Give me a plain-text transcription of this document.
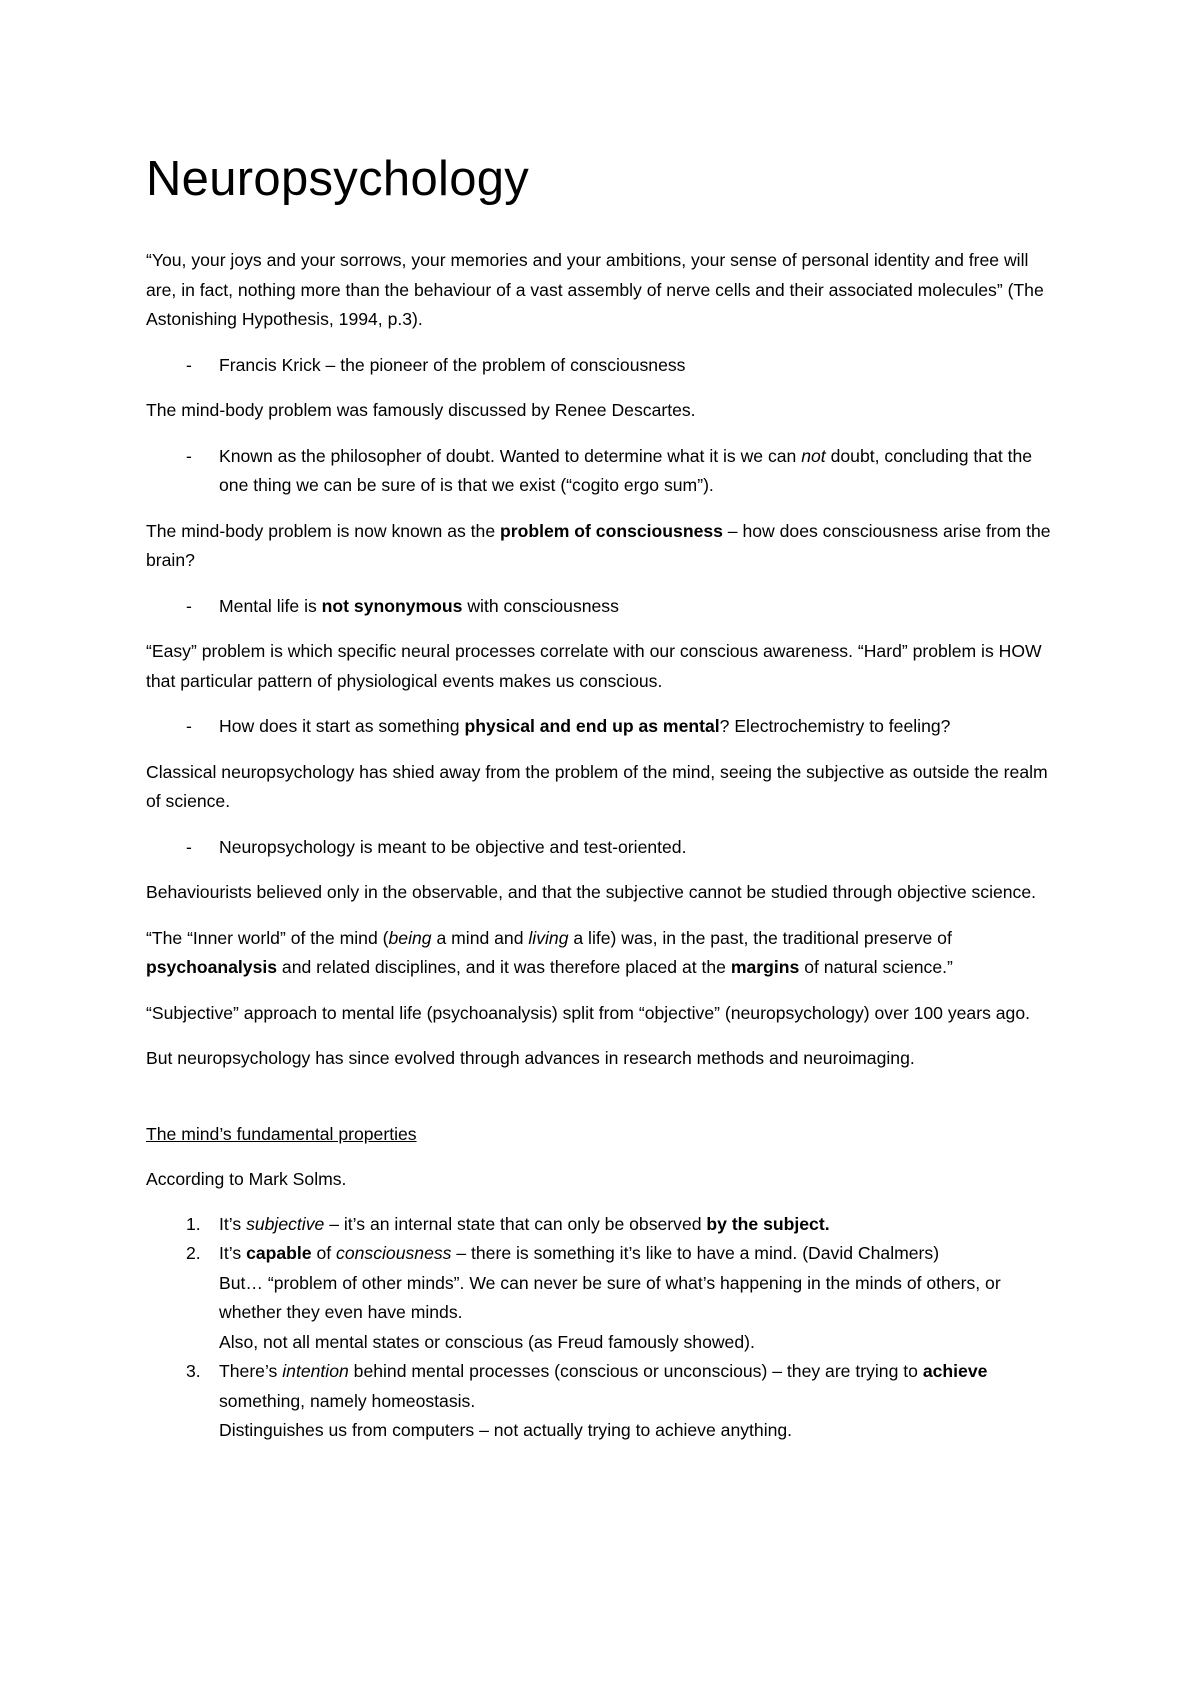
Neuropsychology

“You, your joys and your sorrows, your memories and your ambitions, your sense of personal identity and free will are, in fact, nothing more than the behaviour of a vast assembly of nerve cells and their associated molecules” (The Astonishing Hypothesis, 1994, p.3).

- Francis Krick – the pioneer of the problem of consciousness

The mind-body problem was famously discussed by Renee Descartes.

- Known as the philosopher of doubt. Wanted to determine what it is we can not doubt, concluding that the one thing we can be sure of is that we exist (“cogito ergo sum”).

The mind-body problem is now known as the problem of consciousness – how does consciousness arise from the brain?

- Mental life is not synonymous with consciousness

“Easy” problem is which specific neural processes correlate with our conscious awareness. “Hard” problem is HOW that particular pattern of physiological events makes us conscious.

- How does it start as something physical and end up as mental? Electrochemistry to feeling?

Classical neuropsychology has shied away from the problem of the mind, seeing the subjective as outside the realm of science.

- Neuropsychology is meant to be objective and test-oriented.

Behaviourists believed only in the observable, and that the subjective cannot be studied through objective science.

“The “Inner world” of the mind (being a mind and living a life) was, in the past, the traditional preserve of psychoanalysis and related disciplines, and it was therefore placed at the margins of natural science.”

“Subjective” approach to mental life (psychoanalysis) split from “objective” (neuropsychology) over 100 years ago.

But neuropsychology has since evolved through advances in research methods and neuroimaging.

The mind’s fundamental properties

According to Mark Solms.

1. It’s subjective – it’s an internal state that can only be observed by the subject.
2. It’s capable of consciousness – there is something it’s like to have a mind. (David Chalmers)
But… “problem of other minds”. We can never be sure of what’s happening in the minds of others, or whether they even have minds.
Also, not all mental states or conscious (as Freud famously showed).
3. There’s intention behind mental processes (conscious or unconscious) – they are trying to achieve something, namely homeostasis.
Distinguishes us from computers – not actually trying to achieve anything.
